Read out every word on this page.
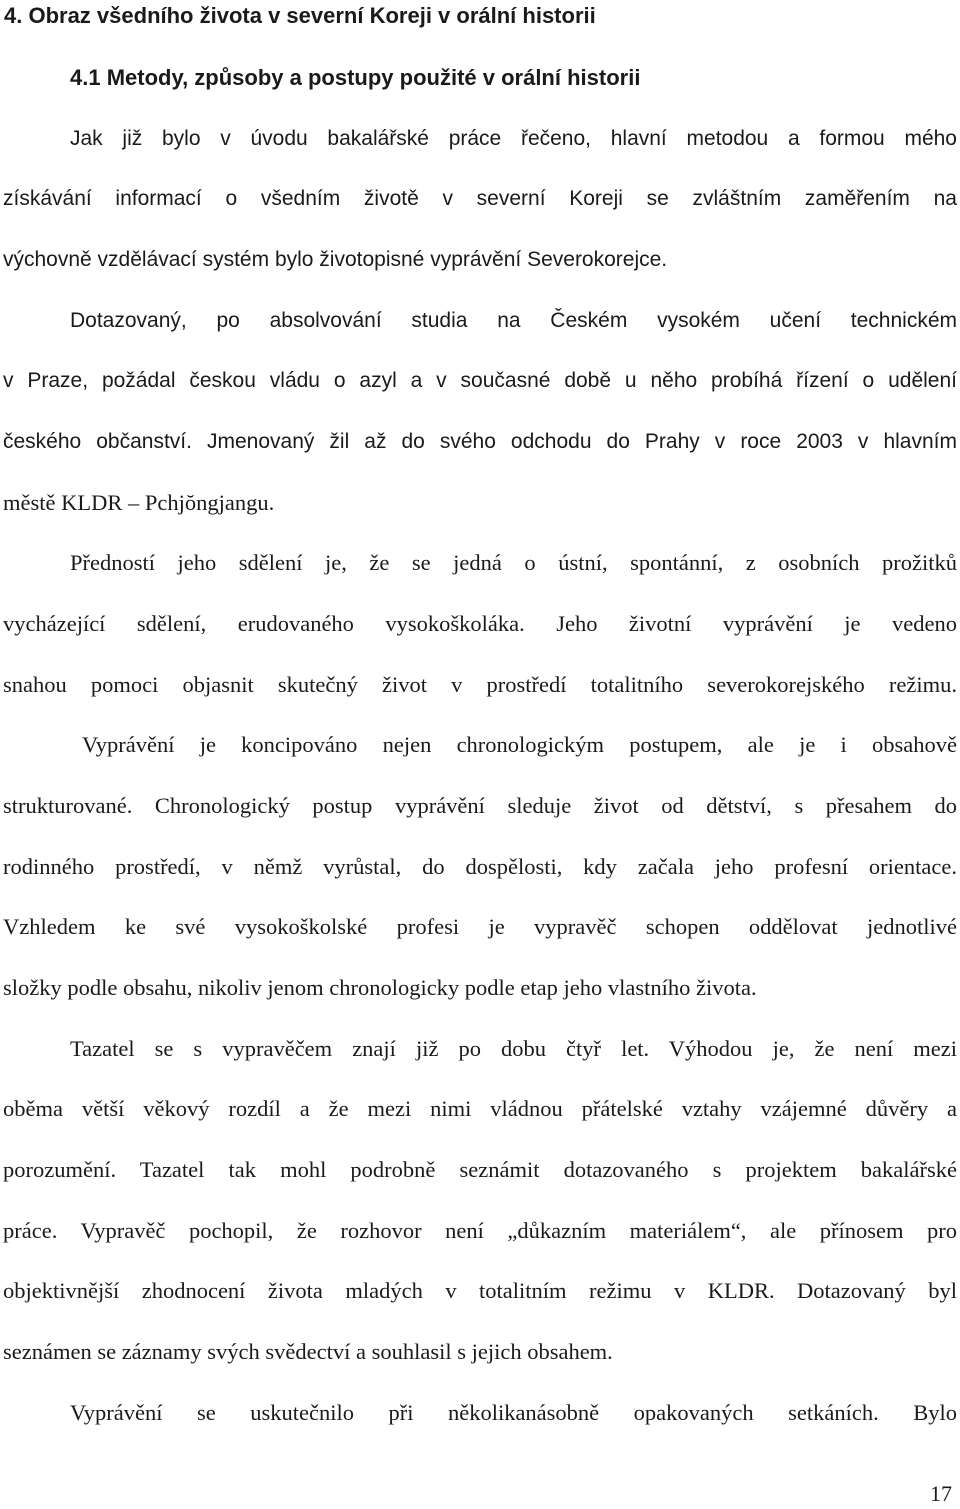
4. Obraz všedního života v severní Koreji v orální historii
4.1 Metody, způsoby a postupy použité v orální historii
Jak již bylo v úvodu bakalářské práce řečeno, hlavní metodou a formou mého
získávání informací o všedním životě v severní Koreji se zvláštním zaměřením na
výchovně vzdělávací systém bylo životopisné vyprávění Severokorejce.
Dotazovaný, po absolvování studia na Českém vysokém učení technickém
v Praze, požádal českou vládu o azyl a v současné době u něho probíhá řízení o udělení
českého občanství. Jmenovaný žil až do svého odchodu do Prahy v roce 2003 v hlavním
městě KLDR – Pchjŏngjangu.
Předností jeho sdělení je, že se jedná o ústní, spontánní, z osobních prožitků
vycházející sdělení, erudovaného vysokoškoláka. Jeho životní vyprávění je vedeno
snahou pomoci objasnit skutečný život v prostředí totalitního severokorejského režimu.
Vyprávění je koncipováno nejen chronologickým postupem, ale je i obsahově
strukturované. Chronologický postup vyprávění sleduje život od dětství, s přesahem do
rodinného prostředí, v němž vyrůstal, do dospělosti, kdy začala jeho profesní orientace.
Vzhledem ke své vysokoškolské profesi je vypravěč schopen oddělovat jednotlivé
složky podle obsahu, nikoliv jenom chronologicky podle etap jeho vlastního života.
Tazatel se s vypravěčem znají již po dobu čtyř let. Výhodou je, že není mezi
oběma větší věkový rozdíl a že mezi nimi vládnou přátelské vztahy vzájemné důvěry a
porozumění. Tazatel tak mohl podrobně seznámit dotazovaného s projektem bakalářské
práce. Vypravěč pochopil, že rozhovor není „důkazním materiálem“, ale přínosem pro
objektivnější zhodnocení života mladých v totalitním režimu v KLDR. Dotazovaný byl
seznámen se záznamy svých svědectví a souhlasil s jejich obsahem.
Vyprávění se uskutečnilo při několikanásobně opakovaných setkáních. Bylo
17
